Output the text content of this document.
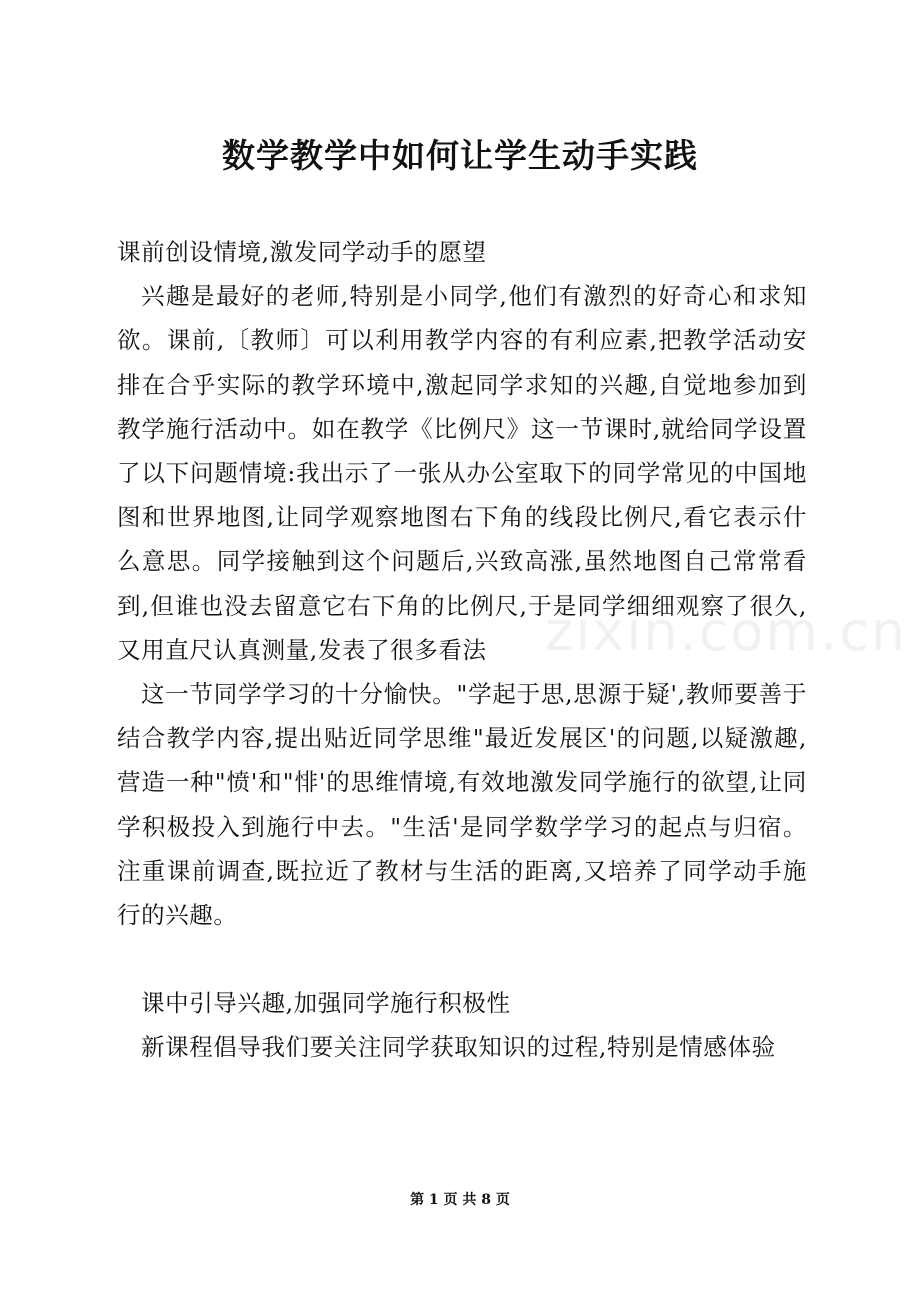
数学教学中如何让学生动手实践

课前创设情境,激发同学动手的愿望

兴趣是最好的老师,特别是小同学,他们有激烈的好奇心和求知欲。课前,〔教师〕可以利用教学内容的有利应素,把教学活动安排在合乎实际的教学环境中,激起同学求知的兴趣,自觉地参加到教学施行活动中。如在教学《比例尺》这一节课时,就给同学设置了以下问题情境:我出示了一张从办公室取下的同学常见的中国地图和世界地图,让同学观察地图右下角的线段比例尺,看它表示什么意思。同学接触到这个问题后,兴致高涨,虽然地图自己常常看到,但谁也没去留意它右下角的比例尺,于是同学细细观察了很久,又用直尺认真测量,发表了很多看法

这一节同学学习的十分愉快。"学起于思,思源于疑',教师要善于结合教学内容,提出贴近同学思维"最近发展区'的问题,以疑激趣,营造一种"愤'和"悱'的思维情境,有效地激发同学施行的欲望,让同学积极投入到施行中去。"生活'是同学数学学习的起点与归宿。注重课前调查,既拉近了教材与生活的距离,又培养了同学动手施行的兴趣。

课中引导兴趣,加强同学施行积极性

新课程倡导我们要关注同学获取知识的过程,特别是情感体验

zixin.com.cn
第 1 页 共 8 页
